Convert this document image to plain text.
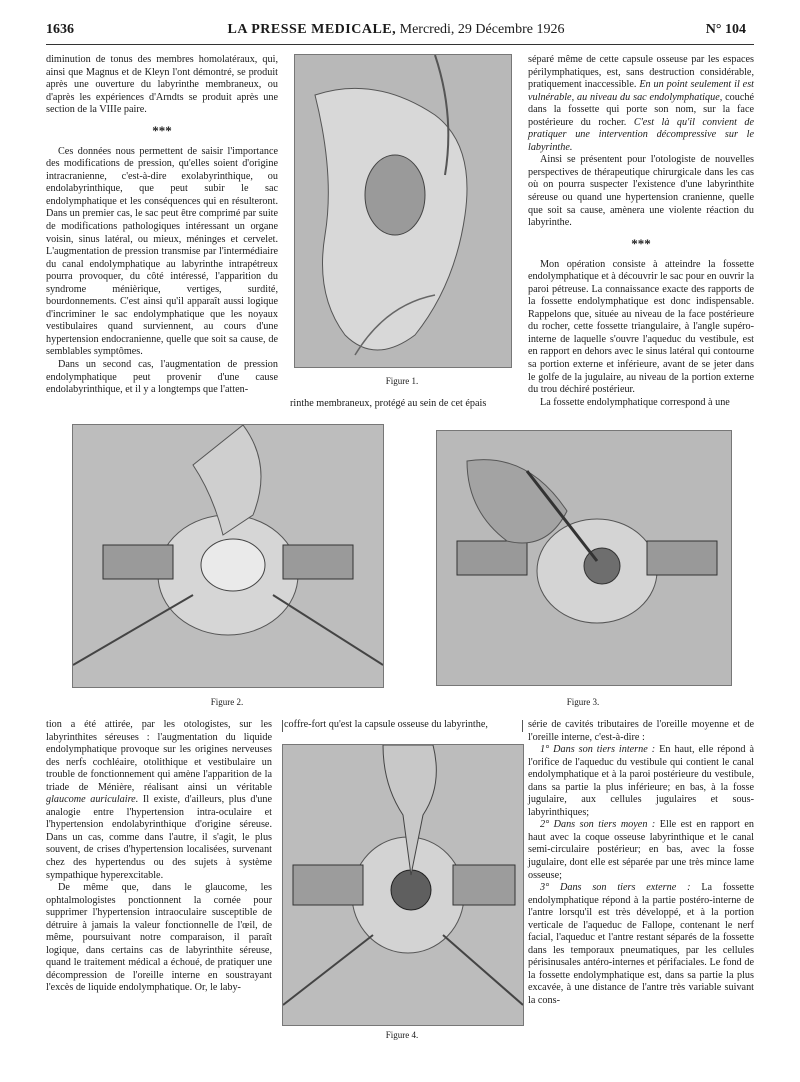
1636	LA PRESSE MEDICALE, Mercredi, 29 Décembre 1926	N° 104

diminution de tonus des membres homolatéraux, qui, ainsi que Magnus et de Kleyn l'ont démontré, se produit après une ouverture du labyrinthe membraneux, ou d'après les expériences d'Arndts se produit après une section de la VIIIe paire.

***

Ces données nous permettent de saisir l'importance des modifications de pression, qu'elles soient d'origine intracranienne, c'est-à-dire exolabyrinthique, ou endolabyrinthique, que peut subir le sac endolymphatique et les conséquences qui en résulteront. Dans un premier cas, le sac peut être comprimé par suite de modifications pathologiques intéressant un organe voisin, sinus latéral, ou mieux, méninges et cervelet. L'augmentation de pression transmise par l'intermédiaire du canal endolymphatique au labyrinthe intrapétreux pourra provoquer, du côté intéressé, l'apparition du syndrome ménièrique, vertiges, surdité, bourdonnements. C'est ainsi qu'il apparaît aussi logique d'incriminer le sac endolymphatique que les noyaux vestibulaires quand surviennent, au cours d'une hypertension endocranienne, quelle que soit sa cause, de semblables symptômes.

Dans un second cas, l'augmentation de pression endolymphatique peut provenir d'une cause endolabyrinthique, et il y a longtemps que l'atten-

Figure 1.

rinthe membraneux, protégé au sein de cet épais

séparé même de cette capsule osseuse par les espaces périlymphatiques, est, sans destruction considérable, pratiquement inaccessible. En un point seulement il est vulnérable, au niveau du sac endolymphatique, couché dans la fossette qui porte son nom, sur la face postérieure du rocher. C'est là qu'il convient de pratiquer une intervention décompressive sur le labyrinthe.

Ainsi se présentent pour l'otologiste de nouvelles perspectives de thérapeutique chirurgicale dans les cas où on pourra suspecter l'existence d'une labyrinthite séreuse ou quand une hypertension cranienne, quelle que soit sa cause, amènera une violente réaction du labyrinthe.

***

Mon opération consiste à atteindre la fossette endolymphatique et à découvrir le sac pour en ouvrir la paroi pétreuse. La connaissance exacte des rapports de la fossette endolymphatique est donc indispensable. Rappelons que, située au niveau de la face postérieure du rocher, cette fossette triangulaire, à l'angle supéro-interne de laquelle s'ouvre l'aqueduc du vestibule, est en rapport en dehors avec le sinus latéral qui contourne sa portion externe et inférieure, avant de se jeter dans le golfe de la jugulaire, au niveau de la portion externe du trou déchiré postérieur.

La fossette endolymphatique correspond à une

Figure 2.	Figure 3.

tion a été attirée, par les otologistes, sur les labyrinthites séreuses : l'augmentation du liquide endolymphatique provoque sur les origines nerveuses des nerfs cochléaire, otolithique et vestibulaire un trouble de fonctionnement qui amène l'apparition de la triade de Ménière, réalisant ainsi un véritable glaucome auriculaire. Il existe, d'ailleurs, plus d'une analogie entre l'hypertension intra-oculaire et l'hypertension endolabyrinthique d'origine séreuse. Dans un cas, comme dans l'autre, il s'agit, le plus souvent, de crises d'hypertension localisées, survenant chez des hypertendus ou des sujets à système sympathique hyperexcitable.

De même que, dans le glaucome, les ophtalmologistes ponctionnent la cornée pour supprimer l'hypertension intraoculaire susceptible de détruire à jamais la valeur fonctionnelle de l'œil, de même, poursuivant notre comparaison, il paraît logique, dans certains cas de labyrinthite séreuse, quand le traitement médical a échoué, de pratiquer une décompression de l'oreille interne en soustrayant l'excès de liquide endolymphatique. Or, le laby-

coffre-fort qu'est la capsule osseuse du labyrinthe,

Figure 4.

série de cavités tributaires de l'oreille moyenne et de l'oreille interne, c'est-à-dire :

1° Dans son tiers interne : En haut, elle répond à l'orifice de l'aqueduc du vestibule qui contient le canal endolymphatique et à la paroi postérieure du vestibule, dans sa partie la plus inférieure; en bas, à la fosse jugulaire, aux cellules jugulaires et sous-labyrinthiques;

2° Dans son tiers moyen : Elle est en rapport en haut avec la coque osseuse labyrinthique et le canal semi-circulaire postérieur; en bas, avec la fosse jugulaire, dont elle est séparée par une très mince lame osseuse;

3° Dans son tiers externe : La fossette endolymphatique répond à la partie postéro-interne de l'antre lorsqu'il est très développé, et à la portion verticale de l'aqueduc de Fallope, contenant le nerf facial, l'aqueduc et l'antre restant séparés de la fossette dans les temporaux pneumatiques, par les cellules périsinusales antéro-internes et périfaciales. Le fond de la fossette endolymphatique est, dans sa partie la plus excavée, à une distance de l'antre très variable suivant la cons-
